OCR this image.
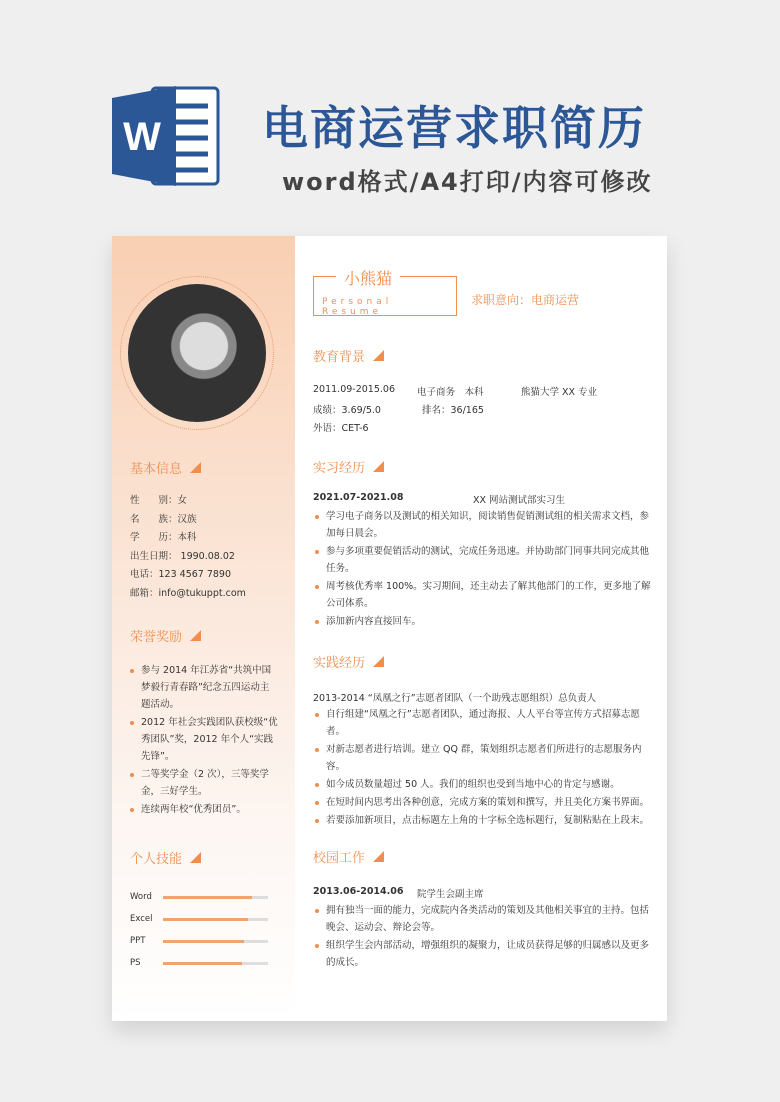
W 电商运营求职简历
word格式/A4打印/内容可修改
基本信息
性　　别：女
名　　族：汉族
学　　历：本科
出生日期： 1990.08.02
电话：123 4567 7890
邮箱：info@tukuppt.com
荣誉奖励
参与 2014 年江苏省“共筑中国梦毅行青春路”纪念五四运动主题活动。
2012 年社会实践团队获校级“优秀团队”奖，2012 年个人“实践先锋”。
二等奖学金（2 次），三等奖学金，三好学生。
连续两年校“优秀团员”。
个人技能
Word
Excel
PPT
PS
小熊猫
Personal Resume
求职意向：电商运营
教育背景
2011.09-2015.06 电子商务　本科	熊猫大学 XX 专业
成绩：3.69/5.0	排名：36/165
外语：CET-6
实习经历
2021.07-2021.08	XX 网站测试部实习生
学习电子商务以及测试的相关知识，阅读销售促销测试组的相关需求文档，参加每日晨会。
参与多项重要促销活动的测试，完成任务迅速。并协助部门同事共同完成其他任务。
周考核优秀率 100%。实习期间，还主动去了解其他部门的工作，更多地了解公司体系。
添加新内容直接回车。
实践经历
2013-2014 “凤凰之行”志愿者团队（一个助残志愿组织）总负责人
自行组建“凤凰之行”志愿者团队，通过海报、人人平台等宣传方式招募志愿者。
对新志愿者进行培训。建立 QQ 群，策划组织志愿者们所进行的志愿服务内容。
如今成员数量超过 50 人。我们的组织也受到当地中心的肯定与感谢。
在短时间内思考出各种创意，完成方案的策划和撰写，并且美化方案书界面。
若要添加新项目，点击标题左上角的十字标全选标题行，复制粘贴在上段末。
校园工作
2013.06-2014.06 院学生会副主席
拥有独当一面的能力，完成院内各类活动的策划及其他相关事宜的主持。包括晚会、运动会、辩论会等。
组织学生会内部活动，增强组织的凝聚力，让成员获得足够的归属感以及更多的成长。
